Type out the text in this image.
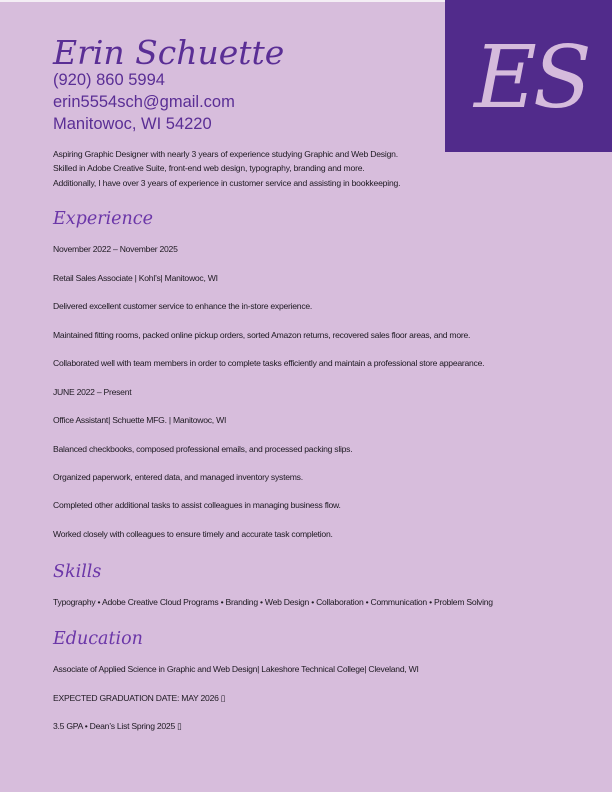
ES
Erin Schuette
(920) 860 5994
erin5554sch@gmail.com
Manitowoc, WI 54220
Aspiring Graphic Designer with nearly 3 years of experience studying Graphic and Web Design.
Skilled in Adobe Creative Suite, front-end web design, typography, branding and more.
Additionally, I have over 3 years of experience in customer service and assisting in bookkeeping.
Experience
November 2022 – November 2025
Retail Sales Associate | Kohl’s| Manitowoc, WI
Delivered excellent customer service to enhance the in-store experience.
Maintained fitting rooms, packed online pickup orders, sorted Amazon returns, recovered sales floor areas, and more.
Collaborated well with team members in order to complete tasks efficiently and maintain a professional store appearance.
JUNE 2022 – Present
Office Assistant| Schuette MFG. | Manitowoc, WI
Balanced checkbooks, composed professional emails, and processed packing slips.
Organized paperwork, entered data, and managed inventory systems.
Completed other additional tasks to assist colleagues in managing business flow.
Worked closely with colleagues to ensure timely and accurate task completion.
Skills
Typography • Adobe Creative Cloud Programs • Branding • Web Design • Collaboration • Communication • Problem Solving
Education
Associate of Applied Science in Graphic and Web Design| Lakeshore Technical College| Cleveland, WI
EXPECTED GRADUATION DATE: MAY 2026 ▯
3.5 GPA • Dean’s List Spring 2025 ▯
